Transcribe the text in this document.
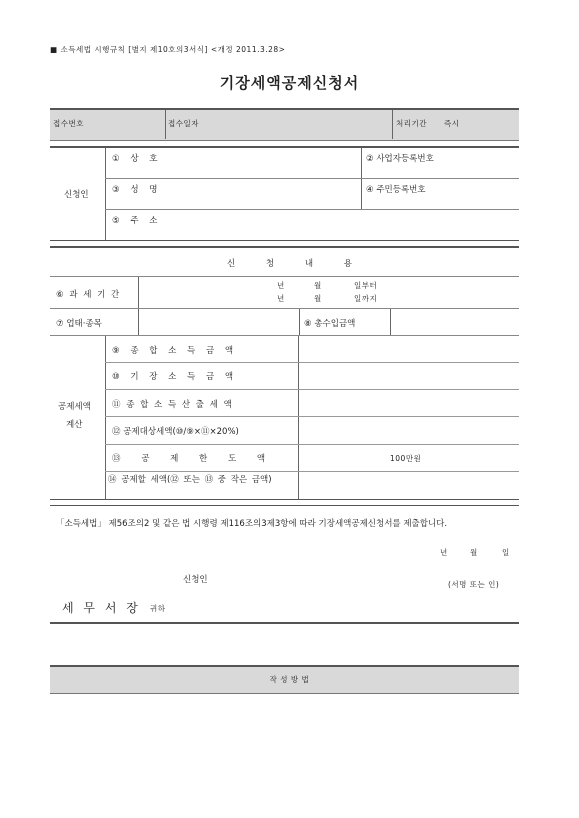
■ 소득세법 시행규칙 [별지 제10호의3서식] <개정 2011.3.28>
기장세액공제신청서
접수번호	접수일자	처리기간 즉시
신청인
① 상 호	② 사업자등록번호
③ 성 명	④ 주민등록번호
⑤ 주 소
신 청 내 용
⑥ 과 세 기 간
년	월	일부터
년	월	일까지
⑦ 업태·종목	⑧ 총수입금액
공제세액
계산
⑨ 종 합 소 득 금 액
⑩ 기 장 소 득 금 액
⑪ 종 합 소 득 산 출 세 액
⑫ 공제대상세액(⑩/⑨×⑪×20%)
⑬ 공 제 한 도 액	100만원
⑭ 공제할 세액(⑫ 또는 ⑬ 중 작은 금액)
「소득세법」 제56조의2 및 같은 법 시행령 제116조의3제3항에 따라 기장세액공제신청서를 제출합니다.
년	월	일
신청인	(서명 또는 인)
세 무 서 장 귀하
작 성 방 법
